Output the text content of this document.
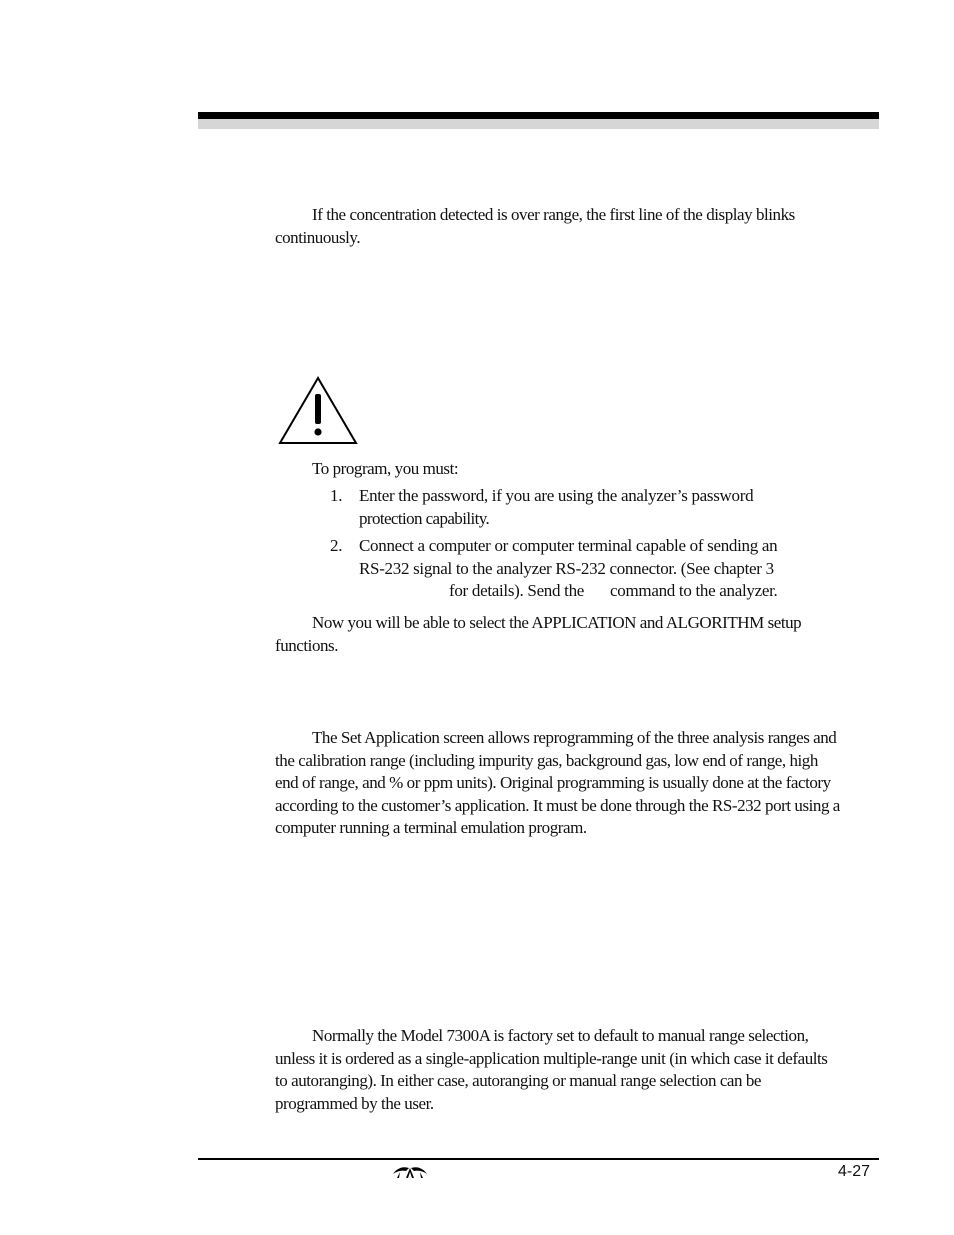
If the concentration detected is over range, the first line of the display blinks continuously.

To program, you must:

1. Enter the password, if you are using the analyzer’s password
protection capability.
2. Connect a computer or computer terminal capable of sending an
RS-232 signal to the analyzer RS-232 connector. (See chapter 3
for details). Send the command to the analyzer.

Now you will be able to select the APPLICATION and ALGORITHM setup functions.

The Set Application screen allows reprogramming of the three analysis ranges and the calibration range (including impurity gas, background gas, low end of range, high end of range, and % or ppm units). Original programming is usually done at the factory according to the customer’s application. It must be done through the RS-232 port using a computer running a terminal emulation program.

Normally the Model 7300A is factory set to default to manual range selection, unless it is ordered as a single-application multiple-range unit (in which case it defaults to autoranging). In either case, autoranging or manual range selection can be programmed by the user.

4-27
